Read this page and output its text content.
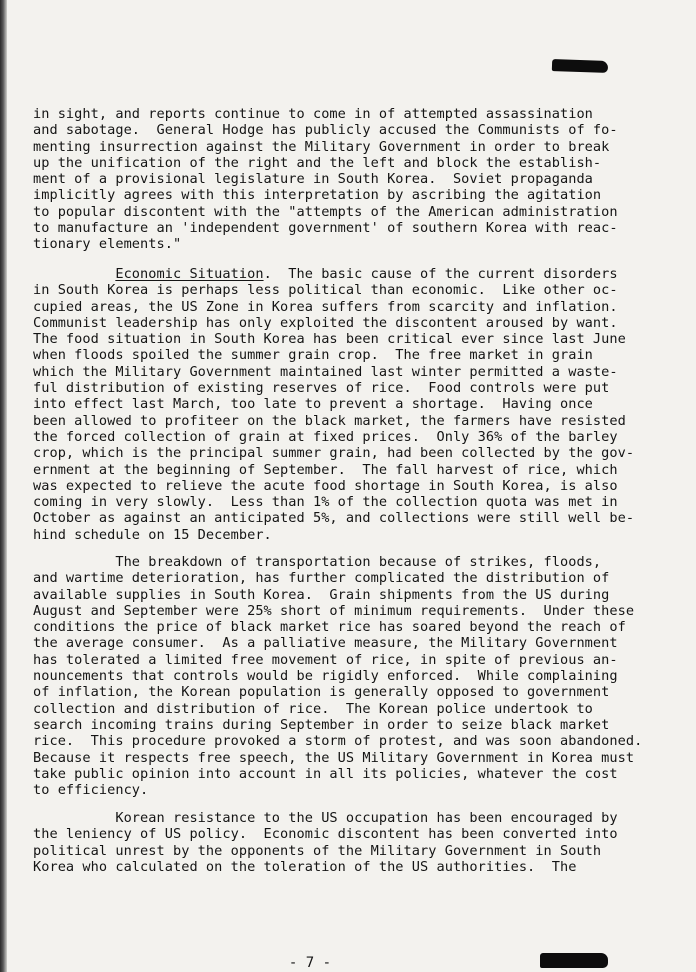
in sight, and reports continue to come in of attempted assassination
and sabotage.  General Hodge has publicly accused the Communists of fo-
menting insurrection against the Military Government in order to break
up the unification of the right and the left and block the establish-
ment of a provisional legislature in South Korea.  Soviet propaganda
implicitly agrees with this interpretation by ascribing the agitation
to popular discontent with the "attempts of the American administration
to manufacture an 'independent government' of southern Korea with reac-
tionary elements."

Economic Situation.  The basic cause of the current disorders
in South Korea is perhaps less political than economic.  Like other oc-
cupied areas, the US Zone in Korea suffers from scarcity and inflation.
Communist leadership has only exploited the discontent aroused by want.
The food situation in South Korea has been critical ever since last June
when floods spoiled the summer grain crop.  The free market in grain
which the Military Government maintained last winter permitted a waste-
ful distribution of existing reserves of rice.  Food controls were put
into effect last March, too late to prevent a shortage.  Having once
been allowed to profiteer on the black market, the farmers have resisted
the forced collection of grain at fixed prices.  Only 36% of the barley
crop, which is the principal summer grain, had been collected by the gov-
ernment at the beginning of September.  The fall harvest of rice, which
was expected to relieve the acute food shortage in South Korea, is also
coming in very slowly.  Less than 1% of the collection quota was met in
October as against an anticipated 5%, and collections were still well be-
hind schedule on 15 December.

The breakdown of transportation because of strikes, floods,
and wartime deterioration, has further complicated the distribution of
available supplies in South Korea.  Grain shipments from the US during
August and September were 25% short of minimum requirements.  Under these
conditions the price of black market rice has soared beyond the reach of
the average consumer.  As a palliative measure, the Military Government
has tolerated a limited free movement of rice, in spite of previous an-
nouncements that controls would be rigidly enforced.  While complaining
of inflation, the Korean population is generally opposed to government
collection and distribution of rice.  The Korean police undertook to
search incoming trains during September in order to seize black market
rice.  This procedure provoked a storm of protest, and was soon abandoned.
Because it respects free speech, the US Military Government in Korea must
take public opinion into account in all its policies, whatever the cost
to efficiency.

Korean resistance to the US occupation has been encouraged by
the leniency of US policy.  Economic discontent has been converted into
political unrest by the opponents of the Military Government in South
Korea who calculated on the toleration of the US authorities.  The

- 7 -
